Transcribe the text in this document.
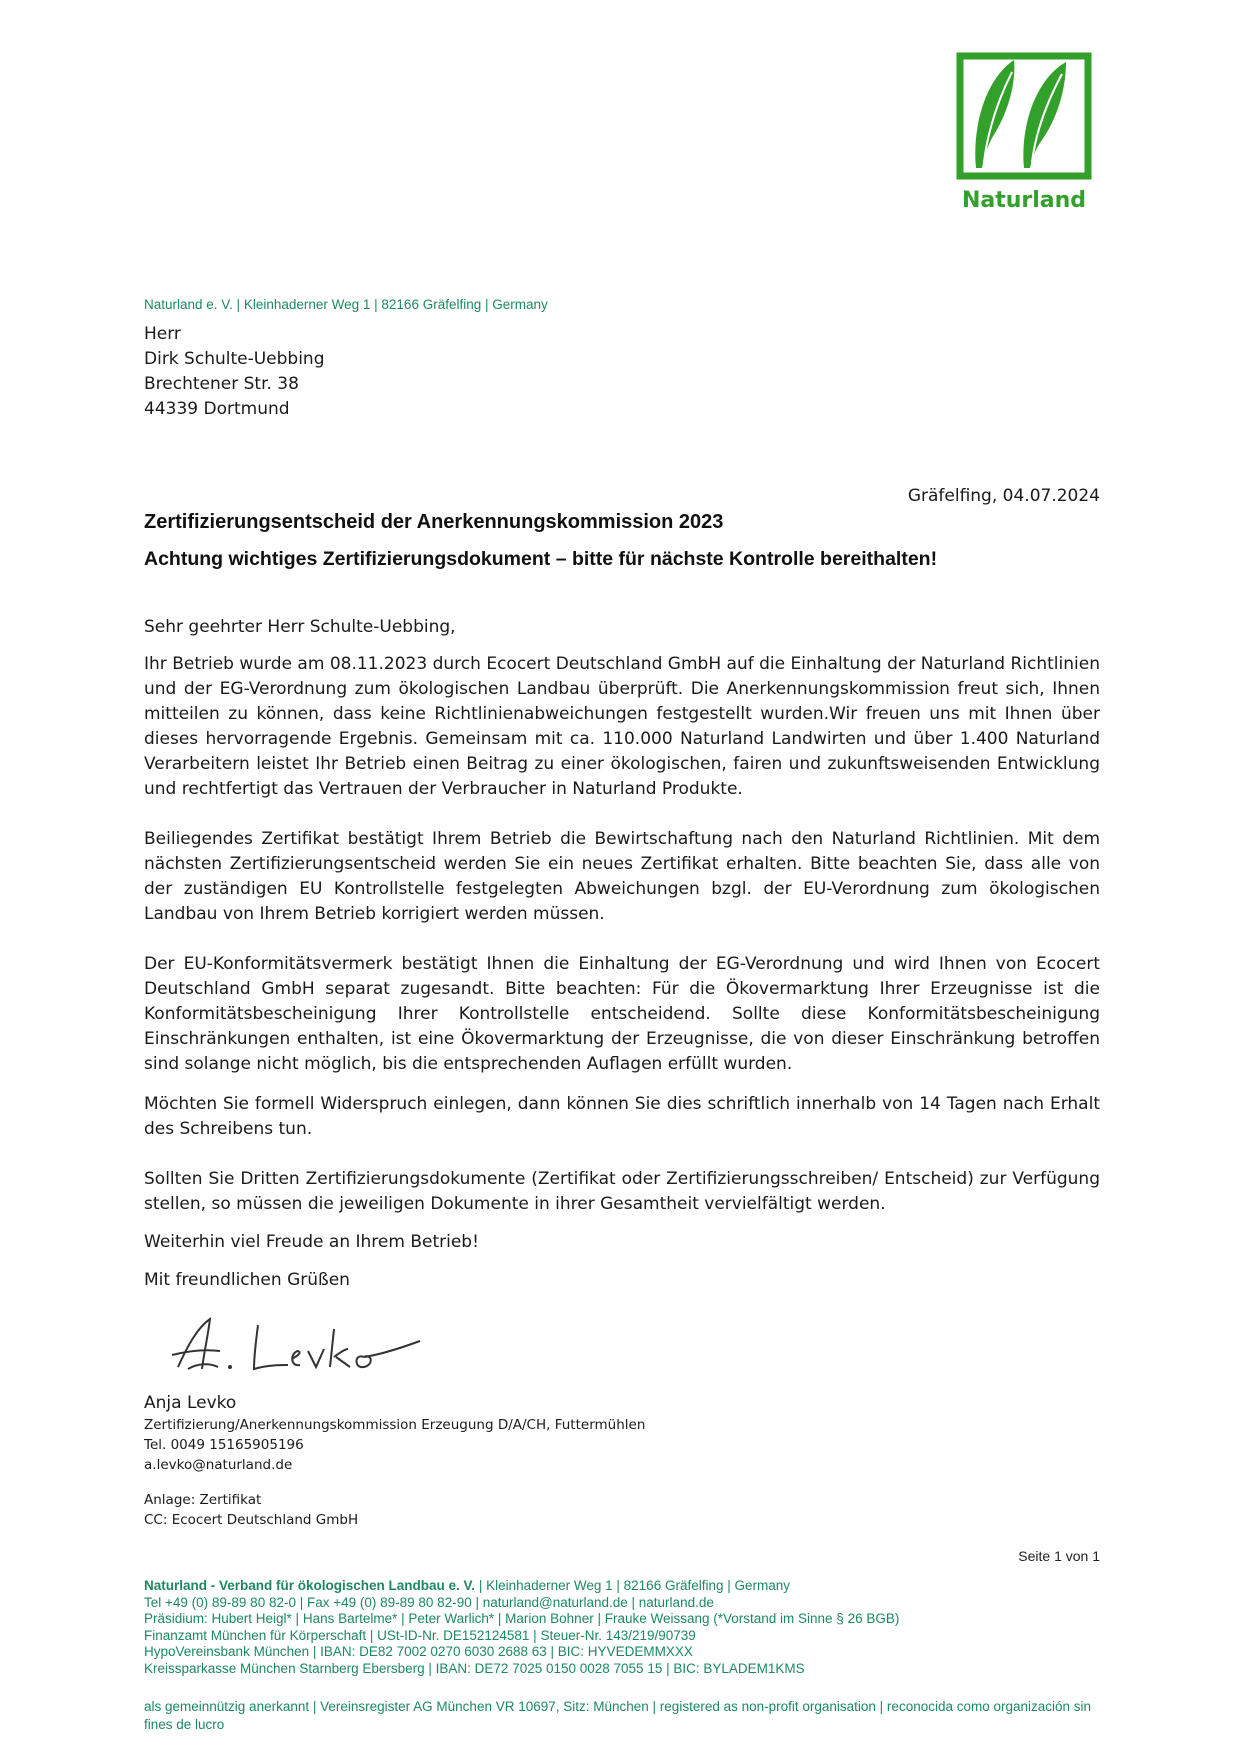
Naturland
Naturland e. V. | Kleinhaderner Weg 1 | 82166 Gräfelfing | Germany
Herr
Dirk Schulte-Uebbing
Brechtener Str. 38
44339 Dortmund
Gräfelfing, 04.07.2024
Zertifizierungsentscheid der Anerkennungskommission 2023
Achtung wichtiges Zertifizierungsdokument – bitte für nächste Kontrolle bereithalten!
Sehr geehrter Herr Schulte-Uebbing,
Ihr Betrieb wurde am 08.11.2023 durch Ecocert Deutschland GmbH auf die Einhaltung der Naturland Richtlinien und der EG-Verordnung zum ökologischen Landbau überprüft. Die Anerkennungskommission freut sich, Ihnen mitteilen zu können, dass keine Richtlinienabweichungen festgestellt wurden.Wir freuen uns mit Ihnen über dieses hervorragende Ergebnis. Gemeinsam mit ca. 110.000 Naturland Landwirten und über 1.400 Naturland Verarbeitern leistet Ihr Betrieb einen Beitrag zu einer ökologischen, fairen und zukunftsweisenden Entwicklung und rechtfertigt das Vertrauen der Verbraucher in Naturland Produkte.
Beiliegendes Zertifikat bestätigt Ihrem Betrieb die Bewirtschaftung nach den Naturland Richtlinien. Mit dem nächsten Zertifizierungsentscheid werden Sie ein neues Zertifikat erhalten. Bitte beachten Sie, dass alle von der zuständigen EU Kontrollstelle festgelegten Abweichungen bzgl. der EU-Verordnung zum ökologischen Landbau von Ihrem Betrieb korrigiert werden müssen.
Der EU-Konformitätsvermerk bestätigt Ihnen die Einhaltung der EG-Verordnung und wird Ihnen von Ecocert Deutschland GmbH separat zugesandt. Bitte beachten: Für die Ökovermarktung Ihrer Erzeugnisse ist die Konformitätsbescheinigung Ihrer Kontrollstelle entscheidend. Sollte diese Konformitätsbescheinigung Einschränkungen enthalten, ist eine Ökovermarktung der Erzeugnisse, die von dieser Einschränkung betroffen sind solange nicht möglich, bis die entsprechenden Auflagen erfüllt wurden.
Möchten Sie formell Widerspruch einlegen, dann können Sie dies schriftlich innerhalb von 14 Tagen nach Erhalt des Schreibens tun.
Sollten Sie Dritten Zertifizierungsdokumente (Zertifikat oder Zertifizierungsschreiben/ Entscheid) zur Verfügung stellen, so müssen die jeweiligen Dokumente in ihrer Gesamtheit vervielfältigt werden.
Weiterhin viel Freude an Ihrem Betrieb!
Mit freundlichen Grüßen
Anja Levko
Zertifizierung/Anerkennungskommission Erzeugung D/A/CH, Futtermühlen
Tel. 0049 15165905196
a.levko@naturland.de
Anlage: Zertifikat
CC: Ecocert Deutschland GmbH
Seite 1 von 1
Naturland - Verband für ökologischen Landbau e. V. | Kleinhaderner Weg 1 | 82166 Gräfelfing | Germany
Tel +49 (0) 89-89 80 82-0 | Fax +49 (0) 89-89 80 82-90 | naturland@naturland.de | naturland.de
Präsidium: Hubert Heigl* | Hans Bartelme* | Peter Warlich* | Marion Bohner | Frauke Weissang (*Vorstand im Sinne § 26 BGB)
Finanzamt München für Körperschaft | USt-ID-Nr. DE152124581 | Steuer-Nr. 143/219/90739
HypoVereinsbank München | IBAN: DE82 7002 0270 6030 2688 63 | BIC: HYVEDEMMXXX
Kreissparkasse München Starnberg Ebersberg | IBAN: DE72 7025 0150 0028 7055 15 | BIC: BYLADEM1KMS
als gemeinnützig anerkannt | Vereinsregister AG München VR 10697, Sitz: München | registered as non-profit organisation | reconocida como organización sin fines de lucro
